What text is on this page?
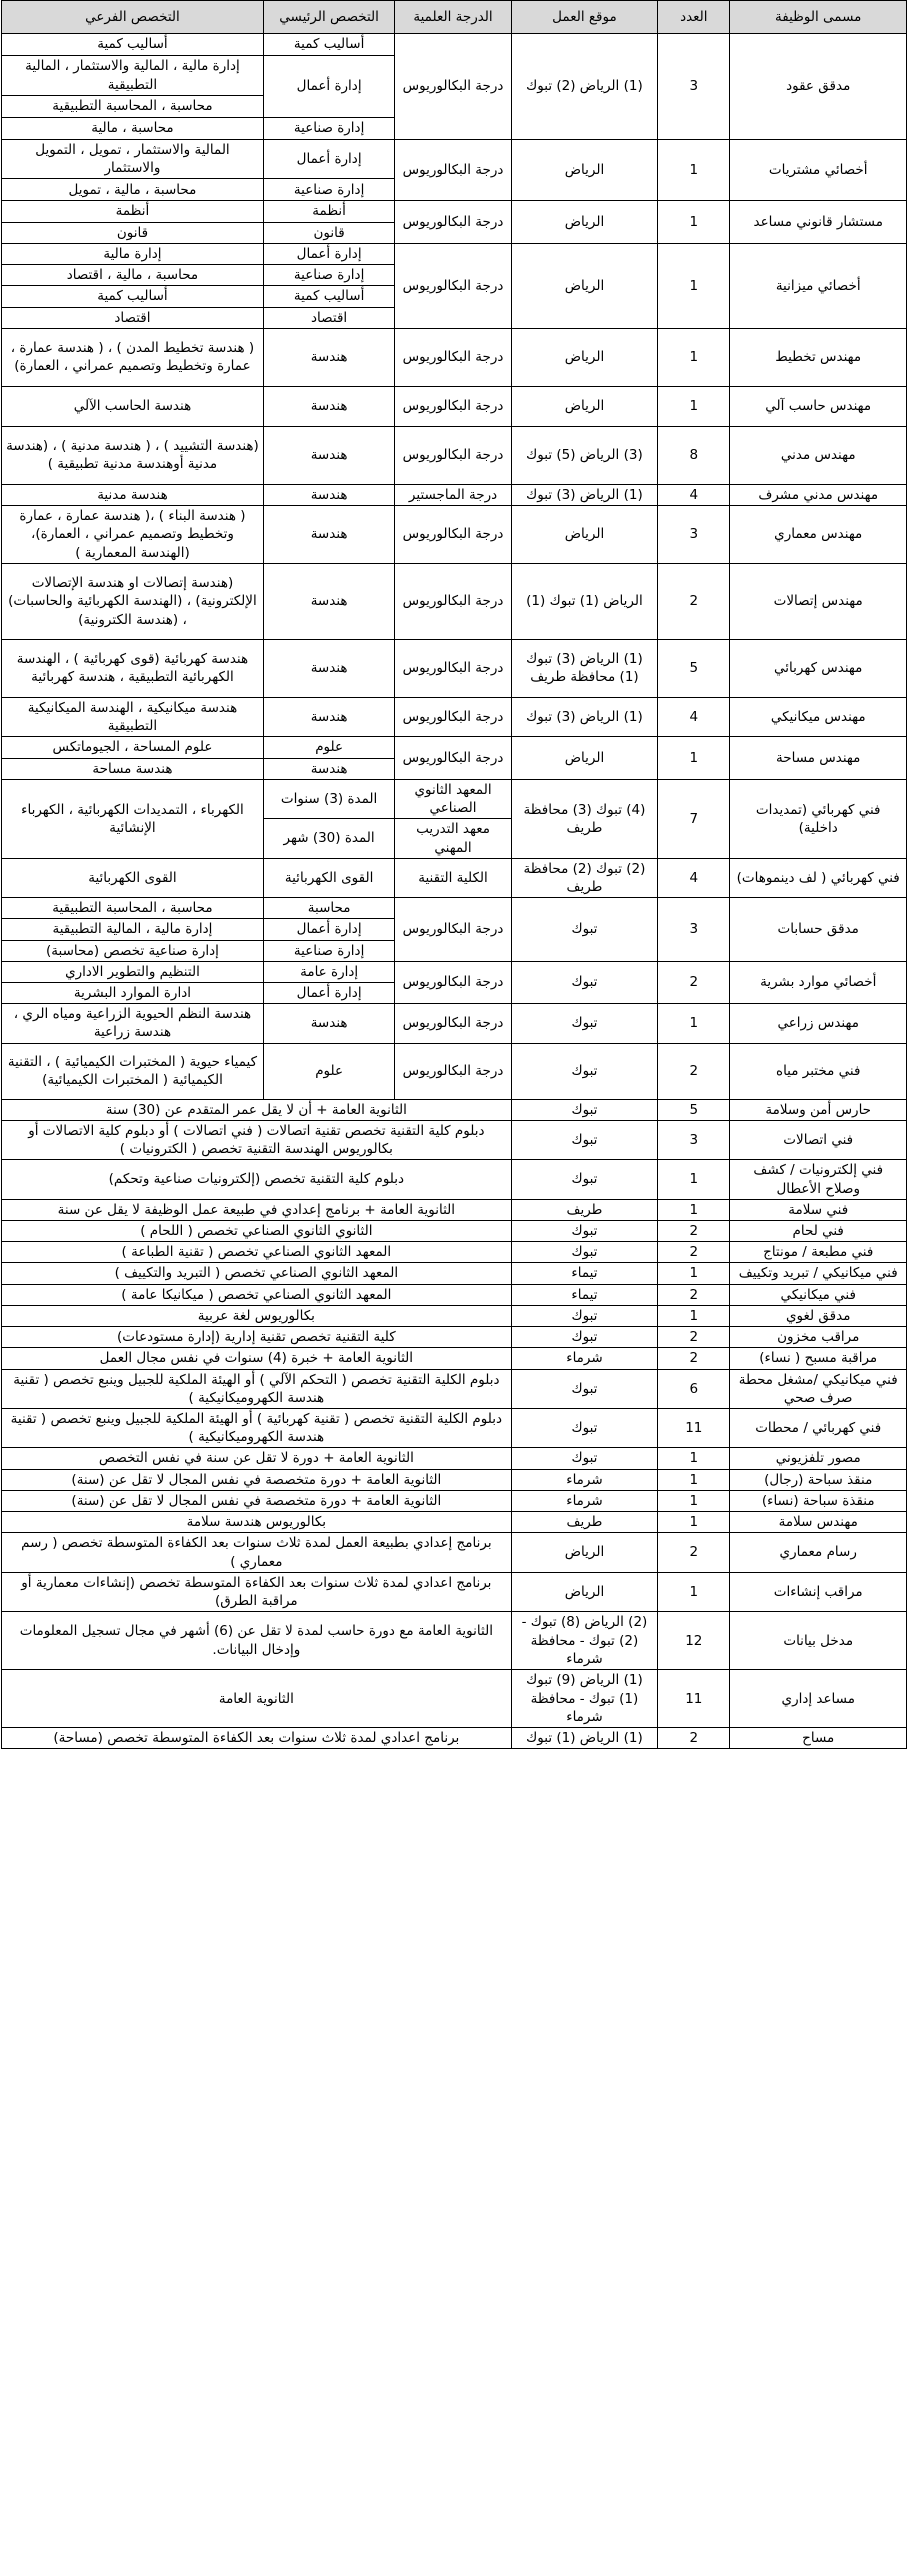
مسمى الوظيفة	العدد	موقع العمل	الدرجة العلمية	التخصص الرئيسي	التخصص الفرعي
مدقق عقود	3	(1) الرياض (2) تبوك	درجة البكالوريوس	أساليب كمية	أساليب كمية
				إدارة أعمال	إدارة مالية ، المالية والاستثمار ، المالية التطبيقية
					محاسبة ، المحاسبة التطبيقية
				إدارة صناعية	محاسبة ، مالية
أخصائي مشتريات	1	الرياض	درجة البكالوريوس	إدارة أعمال	المالية والاستثمار ، تمويل ، التمويل والاستثمار
				إدارة صناعية	محاسبة ، مالية ، تمويل
مستشار قانوني مساعد	1	الرياض	درجة البكالوريوس	أنظمة	أنظمة
				قانون	قانون
أخصائي ميزانية	1	الرياض	درجة البكالوريوس	إدارة أعمال	إدارة مالية
				إدارة صناعية	محاسبة ، مالية ، اقتصاد
				أساليب كمية	أساليب كمية
				اقتصاد	اقتصاد
مهندس تخطيط	1	الرياض	درجة البكالوريوس	هندسة	( هندسة تخطيط المدن ) ، ( هندسة عمارة ، عمارة وتخطيط وتصميم عمراني ، العمارة)
مهندس حاسب آلي	1	الرياض	درجة البكالوريوس	هندسة	هندسة الحاسب الآلي
مهندس مدني	8	(3) الرياض (5) تبوك	درجة البكالوريوس	هندسة	(هندسة التشييد ) ، ( هندسة مدنية ) ، (هندسة مدنية أوهندسة مدنية تطبيقية )
مهندس مدني مشرف	4	(1) الرياض (3) تبوك	درجة الماجستير	هندسة	هندسة مدنية
مهندس معماري	3	الرياض	درجة البكالوريوس	هندسة	( هندسة البناء ) ،( هندسة عمارة ، عمارة وتخطيط وتصميم عمراني ، العمارة)، (الهندسة المعمارية )
مهندس إتصالات	2	الرياض (1) تبوك (1)	درجة البكالوريوس	هندسة	(هندسة إتصالات او هندسة الإتصالات الإلكترونية) ، (الهندسة الكهربائية والحاسبات) ، (هندسة الكترونية)
مهندس كهربائي	5	(1) الرياض (3) تبوك (1) محافظة طريف	درجة البكالوريوس	هندسة	هندسة كهربائية (قوى كهربائية ) ، الهندسة الكهربائية التطبيقية ، هندسة كهربائية
مهندس ميكانيكي	4	(1) الرياض (3) تبوك	درجة البكالوريوس	هندسة	هندسة ميكانيكية ، الهندسة الميكانيكية التطبيقية
مهندس مساحة	1	الرياض	درجة البكالوريوس	علوم	علوم المساحة ، الجيوماتكس
				هندسة	هندسة مساحة
فني كهربائي (تمديدات داخلية)	7	(4) تبوك (3) محافظة طريف	المعهد الثانوي الصناعي	المدة (3) سنوات	الكهرباء ، التمديدات الكهربائية ، الكهرباء الإنشائية
			معهد التدريب المهني	المدة (30) شهر	
فني كهربائي ( لف دينموهات)	4	(2) تبوك (2) محافظة طريف	الكلية التقنية	القوى الكهربائية	القوى الكهربائية
مدقق حسابات	3	تبوك	درجة البكالوريوس	محاسبة	محاسبة ، المحاسبة التطبيقية
				إدارة أعمال	إدارة مالية ، المالية التطبيقية
				إدارة صناعية	إدارة صناعية تخصص (محاسبة)
أخصائي موارد بشرية	2	تبوك	درجة البكالوريوس	إدارة عامة	التنظيم والتطوير الاداري
				إدارة أعمال	ادارة الموارد البشرية
مهندس زراعي	1	تبوك	درجة البكالوريوس	هندسة	هندسة النظم الحيوية الزراعية ومياه الري ، هندسة زراعية
فني مختبر مياه	2	تبوك	درجة البكالوريوس	علوم	كيمياء حيوية ( المختبرات الكيميائية ) ، التقنية الكيميائية ( المختبرات الكيميائية)
حارس أمن وسلامة	5	تبوك	الثانوية العامة + أن لا يقل عمر المتقدم عن (30) سنة		
فني اتصالات	3	تبوك	دبلوم كلية التقنية تخصص تقنية اتصالات ( فني اتصالات ) أو دبلوم كلية الاتصالات أو بكالوريوس الهندسة التقنية تخصص ( الكترونيات )		
فني إلكترونيات / كشف وصلاح الأعطال	1	تبوك	دبلوم كلية التقنية تخصص (إلكترونيات صناعية وتحكم)		
فني سلامة	1	طريف	الثانوية العامة + برنامج إعدادي في طبيعة عمل الوظيفة لا يقل عن سنة		
فني لحام	2	تبوك	الثانوي الثانوي الصناعي تخصص ( اللحام )		
فني مطبعة / مونتاج	2	تبوك	المعهد الثانوي الصناعي تخصص ( تقنية الطباعة )		
فني ميكانيكي / تبريد وتكييف	1	تيماء	المعهد الثانوي الصناعي تخصص ( التبريد والتكييف )		
فني ميكانيكي	2	تيماء	المعهد الثانوي الصناعي تخصص ( ميكانيكا عامة )		
مدقق لغوي	1	تبوك	بكالوريوس لغة عربية		
مراقب مخزون	2	تبوك	كلية التقنية تخصص تقنية إدارية (إدارة مستودعات)		
مراقبة مسبح ( نساء)	2	شرماء	الثانوية العامة + خبرة (4) سنوات في نفس مجال العمل		
فني ميكانيكي /مشغل محطة صرف صحي	6	تبوك	دبلوم الكلية التقنية تخصص ( التحكم الآلي ) أو الهيئة الملكية للجبيل وينبع تخصص ( تقنية هندسة الكهروميكانيكية )		
فني كهربائي / محطات	11	تبوك	دبلوم الكلية التقنية تخصص ( تقنية كهربائية ) أو الهيئة الملكية للجبيل وينبع تخصص ( تقنية هندسة الكهروميكانيكية )		
مصور تلفزيوني	1	تبوك	الثانوية العامة + دورة لا تقل عن سنة في نفس التخصص		
منقذ سباحة (رجال)	1	شرماء	الثانوية العامة + دورة متخصصة في نفس المجال لا تقل عن (سنة)		
منقذة سباحة (نساء)	1	شرماء	الثانوية العامة + دورة متخصصة في نفس المجال لا تقل عن (سنة)		
مهندس سلامة	1	طريف	بكالوريوس هندسة سلامة		
رسام معماري	2	الرياض	برنامج إعدادي بطبيعة العمل لمدة ثلاث سنوات بعد الكفاءة المتوسطة تخصص ( رسم معماري )		
مراقب إنشاءات	1	الرياض	برنامج اعدادي لمدة ثلاث سنوات بعد الكفاءة المتوسطة تخصص (إنشاءات معمارية أو مراقبة الطرق)		
مدخل بيانات	12	(2) الرياض (8) تبوك - (2) تبوك - محافظة شرماء	الثانوية العامة مع دورة حاسب لمدة لا تقل عن (6) أشهر في مجال تسجيل المعلومات وإدخال البيانات.		
مساعد إداري	11	(1) الرياض (9) تبوك (1) تبوك - محافظة شرماء	الثانوية العامة		
مساح	2	(1) الرياض (1) تبوك	برنامج اعدادي لمدة ثلاث سنوات بعد الكفاءة المتوسطة تخصص (مساحة)		
